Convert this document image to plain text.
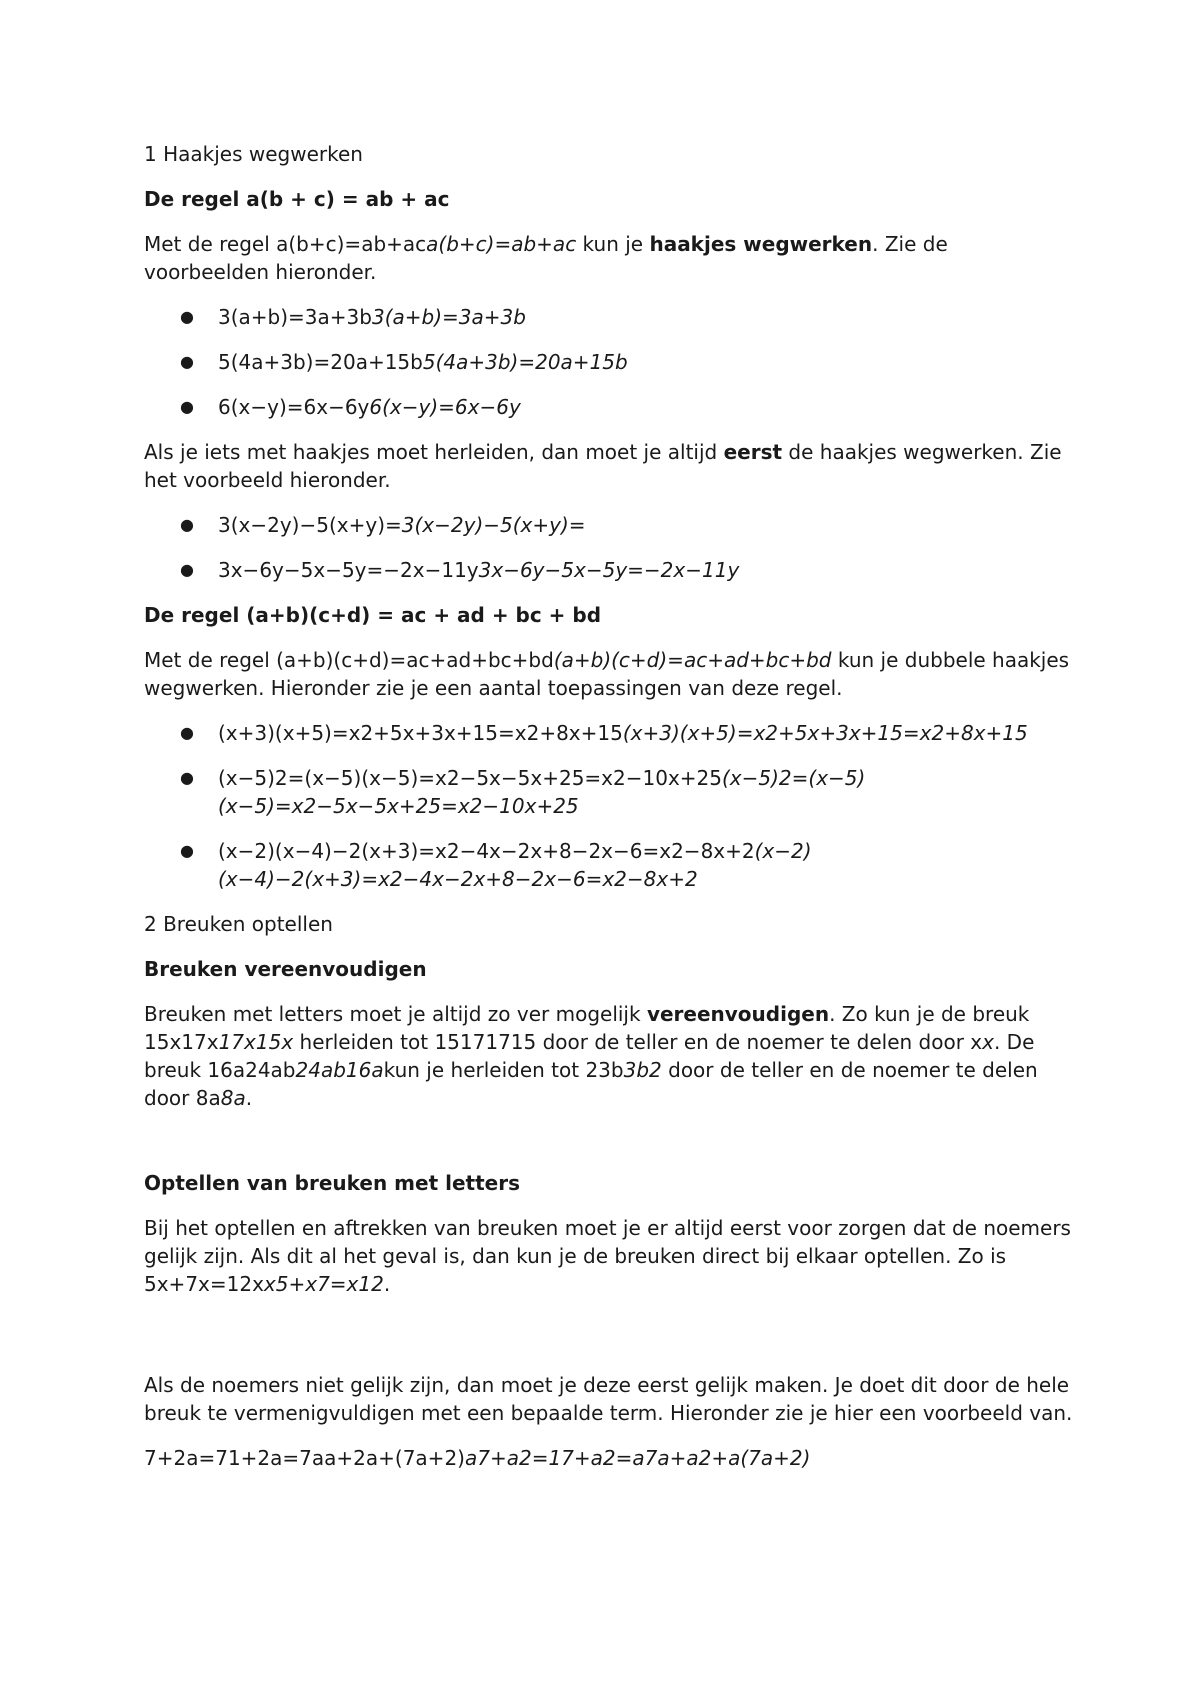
1 Haakjes wegwerken
De regel a(b + c) = ab + ac

Met de regel a(b+c)=ab+aca(b+c)=ab+ac kun je haakjes wegwerken. Zie de voorbeelden hieronder.

● 3(a+b)=3a+3b3(a+b)=3a+3b
● 5(4a+3b)=20a+15b5(4a+3b)=20a+15b
● 6(x−y)=6x−6y6(x−y)=6x−6y

Als je iets met haakjes moet herleiden, dan moet je altijd eerst de haakjes wegwerken. Zie het voorbeeld hieronder.

● 3(x−2y)−5(x+y)=3(x−2y)−5(x+y)=
● 3x−6y−5x−5y=−2x−11y3x−6y−5x−5y=−2x−11y
De regel (a+b)(c+d) = ac + ad + bc + bd

Met de regel (a+b)(c+d)=ac+ad+bc+bd(a+b)(c+d)=ac+ad+bc+bd kun je dubbele haakjes wegwerken. Hieronder zie je een aantal toepassingen van deze regel.

● (x+3)(x+5)=x2+5x+3x+15=x2+8x+15(x+3)(x+5)=x2+5x+3x+15=x2+8x+15
● (x−5)2=(x−5)(x−5)=x2−5x−5x+25=x2−10x+25(x−5)2=(x−5)(x−5)=x2−5x−5x+25=x2−10x+25
● (x−2)(x−4)−2(x+3)=x2−4x−2x+8−2x−6=x2−8x+2(x−2)(x−4)−2(x+3)=x2−4x−2x+8−2x−6=x2−8x+2
2 Breuken optellen
Breuken vereenvoudigen

Breuken met letters moet je altijd zo ver mogelijk vereenvoudigen. Zo kun je de breuk 15x17x17x15x herleiden tot 15171715 door de teller en de noemer te delen door xx. De breuk 16a24ab24ab16akun je herleiden tot 23b3b2 door de teller en de noemer te delen door 8a8a.

Optellen van breuken met letters

Bij het optellen en aftrekken van breuken moet je er altijd eerst voor zorgen dat de noemers gelijk zijn. Als dit al het geval is, dan kun je de breuken direct bij elkaar optellen. Zo is 5x+7x=12xx5+x7=x12.

Als de noemers niet gelijk zijn, dan moet je deze eerst gelijk maken. Je doet dit door de hele breuk te vermenigvuldigen met een bepaalde term. Hieronder zie je hier een voorbeeld van.

7+2a=71+2a=7aa+2a+(7a+2)a7+a2=17+a2=a7a+a2+a(7a+2)
